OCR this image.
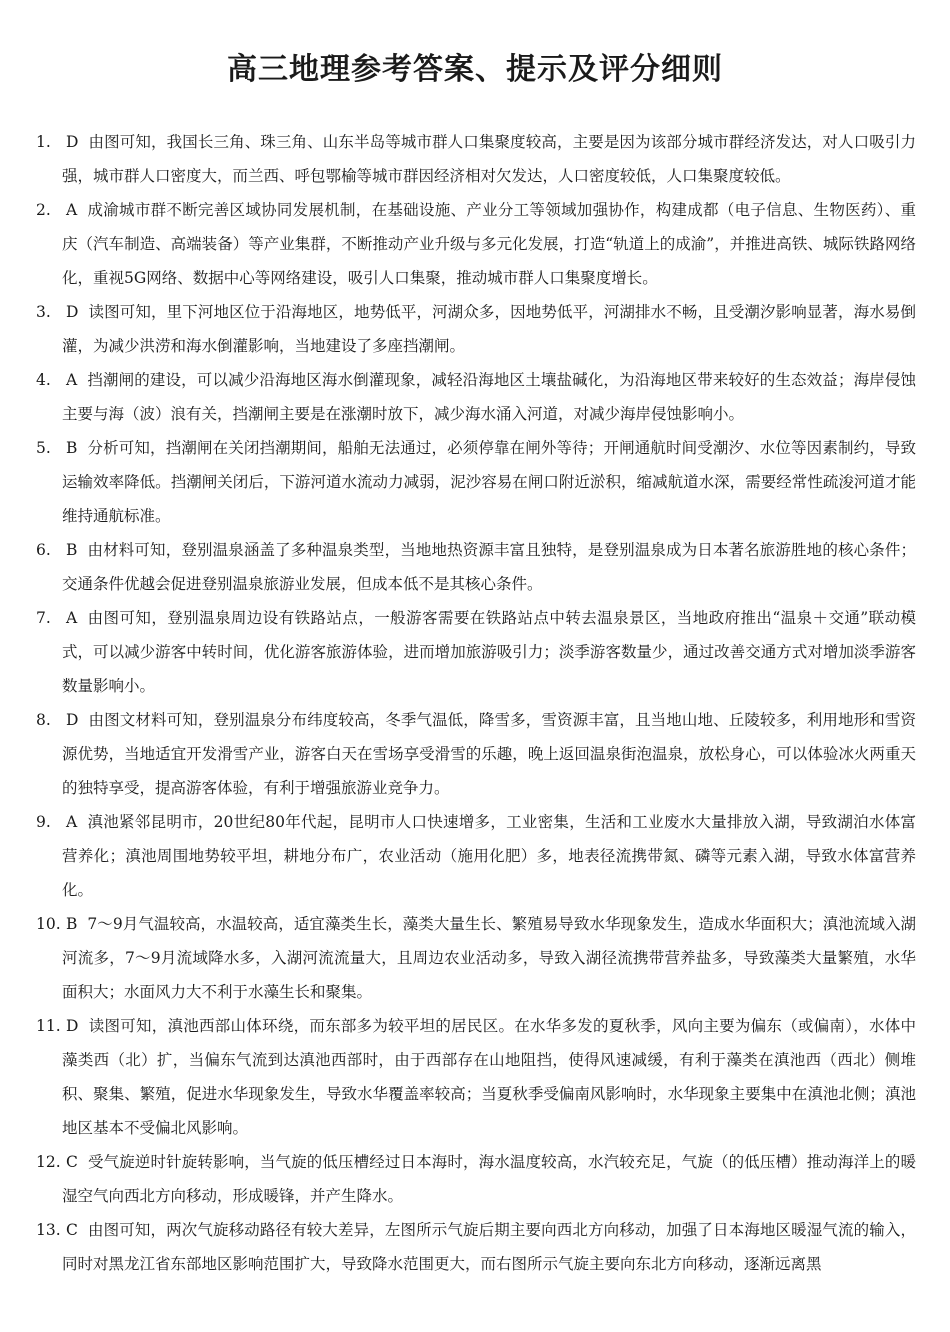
高三地理参考答案、提示及评分细则
1. D 由图可知，我国长三角、珠三角、山东半岛等城市群人口集聚度较高，主要是因为该部分城市群经济发达，对人口吸引力强，城市群人口密度大，而兰西、呼包鄂榆等城市群因经济相对欠发达，人口密度较低，人口集聚度较低。
2. A 成渝城市群不断完善区域协同发展机制，在基础设施、产业分工等领域加强协作，构建成都（电子信息、生物医药）、重庆（汽车制造、高端装备）等产业集群，不断推动产业升级与多元化发展，打造“轨道上的成渝”，并推进高铁、城际铁路网络化，重视5G网络、数据中心等网络建设，吸引人口集聚，推动城市群人口集聚度增长。
3. D 读图可知，里下河地区位于沿海地区，地势低平，河湖众多，因地势低平，河湖排水不畅，且受潮汐影响显著，海水易倒灌，为减少洪涝和海水倒灌影响，当地建设了多座挡潮闸。
4. A 挡潮闸的建设，可以减少沿海地区海水倒灌现象，减轻沿海地区土壤盐碱化，为沿海地区带来较好的生态效益；海岸侵蚀主要与海（波）浪有关，挡潮闸主要是在涨潮时放下，减少海水涌入河道，对减少海岸侵蚀影响小。
5. B 分析可知，挡潮闸在关闭挡潮期间，船舶无法通过，必须停靠在闸外等待；开闸通航时间受潮汐、水位等因素制约，导致运输效率降低。挡潮闸关闭后，下游河道水流动力减弱，泥沙容易在闸口附近淤积，缩减航道水深，需要经常性疏浚河道才能维持通航标准。
6. B 由材料可知，登别温泉涵盖了多种温泉类型，当地地热资源丰富且独特，是登别温泉成为日本著名旅游胜地的核心条件；交通条件优越会促进登别温泉旅游业发展，但成本低不是其核心条件。
7. A 由图可知，登别温泉周边设有铁路站点，一般游客需要在铁路站点中转去温泉景区，当地政府推出“温泉＋交通”联动模式，可以减少游客中转时间，优化游客旅游体验，进而增加旅游吸引力；淡季游客数量少，通过改善交通方式对增加淡季游客数量影响小。
8. D 由图文材料可知，登别温泉分布纬度较高，冬季气温低，降雪多，雪资源丰富，且当地山地、丘陵较多，利用地形和雪资源优势，当地适宜开发滑雪产业，游客白天在雪场享受滑雪的乐趣，晚上返回温泉街泡温泉，放松身心，可以体验冰火两重天的独特享受，提高游客体验，有利于增强旅游业竞争力。
9. A 滇池紧邻昆明市，20世纪80年代起，昆明市人口快速增多，工业密集，生活和工业废水大量排放入湖，导致湖泊水体富营养化；滇池周围地势较平坦，耕地分布广，农业活动（施用化肥）多，地表径流携带氮、磷等元素入湖，导致水体富营养化。
10. B 7～9月气温较高，水温较高，适宜藻类生长，藻类大量生长、繁殖易导致水华现象发生，造成水华面积大；滇池流域入湖河流多，7～9月流域降水多，入湖河流流量大，且周边农业活动多，导致入湖径流携带营养盐多，导致藻类大量繁殖，水华面积大；水面风力大不利于水藻生长和聚集。
11. D 读图可知，滇池西部山体环绕，而东部多为较平坦的居民区。在水华多发的夏秋季，风向主要为偏东（或偏南），水体中藻类西（北）扩，当偏东气流到达滇池西部时，由于西部存在山地阻挡，使得风速减缓，有利于藻类在滇池西（西北）侧堆积、聚集、繁殖，促进水华现象发生，导致水华覆盖率较高；当夏秋季受偏南风影响时，水华现象主要集中在滇池北侧；滇池地区基本不受偏北风影响。
12. C 受气旋逆时针旋转影响，当气旋的低压槽经过日本海时，海水温度较高，水汽较充足，气旋（的低压槽）推动海洋上的暖湿空气向西北方向移动，形成暖锋，并产生降水。
13. C 由图可知，两次气旋移动路径有较大差异，左图所示气旋后期主要向西北方向移动，加强了日本海地区暖湿气流的输入，同时对黑龙江省东部地区影响范围扩大，导致降水范围更大，而右图所示气旋主要向东北方向移动，逐渐远离黑
